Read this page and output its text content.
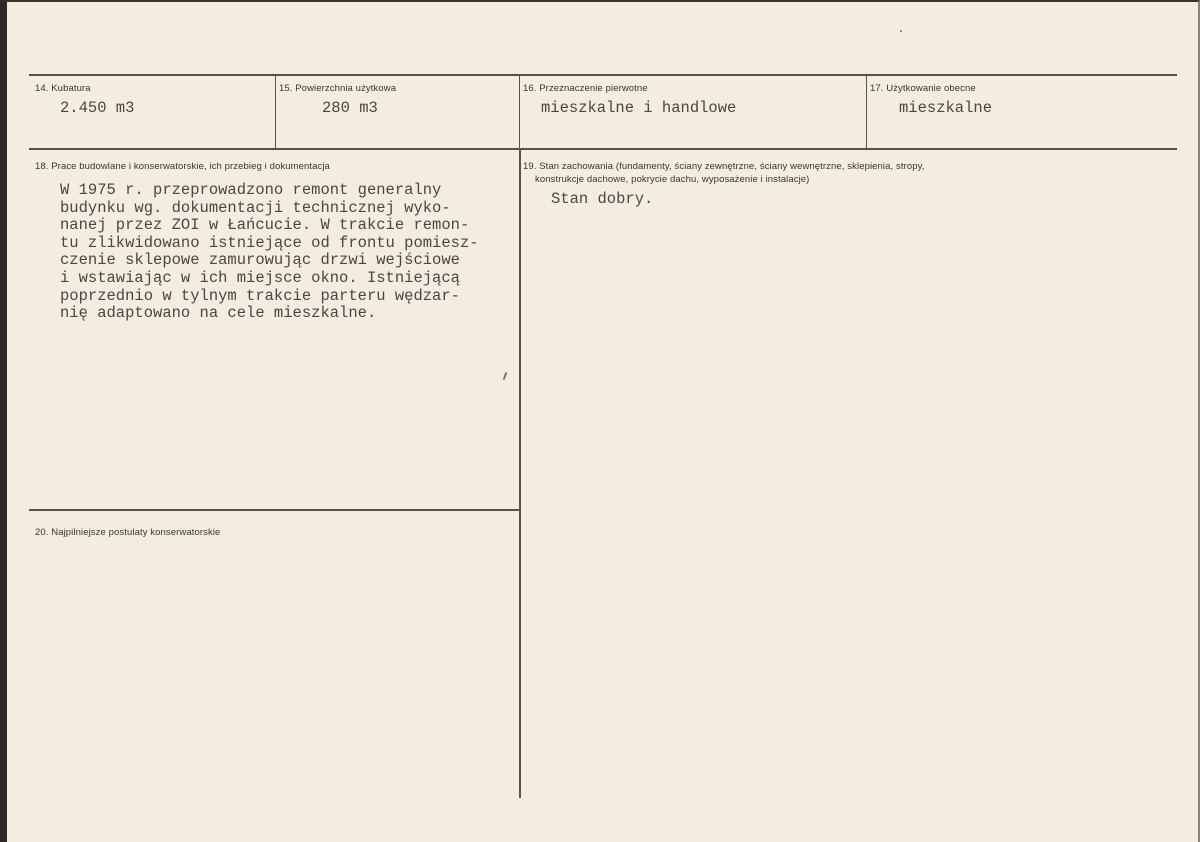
14. Kubatura
2.450 m3
15. Powierzchnia użytkowa
280 m3
16. Przeznaczenie pierwotne
mieszkalne i handlowe
17. Użytkowanie obecne
mieszkalne
18. Prace budowlane i konserwatorskie, ich przebieg i dokumentacja
W 1975 r. przeprowadzono remont generalny
budynku wg. dokumentacji technicznej wyko-
nanej przez ZOI w Łańcucie. W trakcie remon-
tu zlikwidowano istniejące od frontu pomiesz-
czenie sklepowe zamurowując drzwi wejściowe
i wstawiając w ich miejsce okno. Istniejącą
poprzednio w tylnym trakcie parteru wędzar-
nię adaptowano na cele mieszkalne.
19. Stan zachowania (fundamenty, ściany zewnętrzne, ściany wewnętrzne, sklepienia, stropy,
konstrukcje dachowe, pokrycie dachu, wyposażenie i instalacje)
Stan dobry.
20. Najpilniejsze postulaty konserwatorskie
